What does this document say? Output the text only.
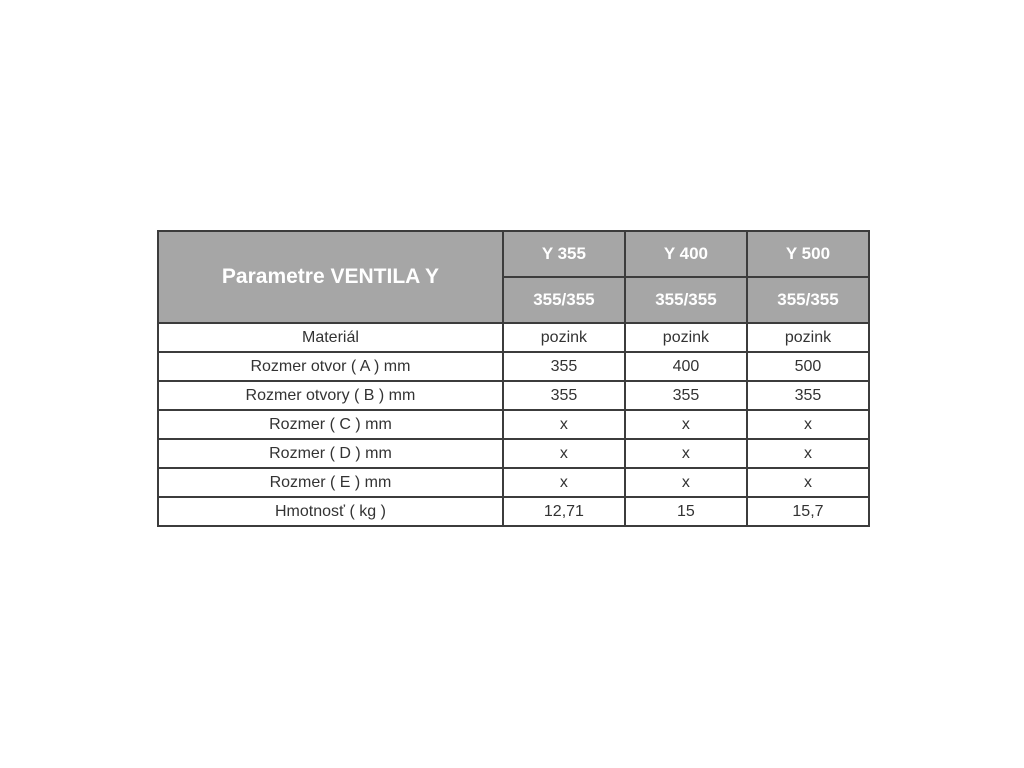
Parametre VENTILA Y	Y 355	Y 400	Y 500
	355/355	355/355	355/355
Materiál	pozink	pozink	pozink
Rozmer otvor ( A ) mm	355	400	500
Rozmer otvory ( B ) mm	355	355	355
Rozmer ( C ) mm	x	x	x
Rozmer ( D ) mm	x	x	x
Rozmer ( E ) mm	x	x	x
Hmotnosť ( kg )	12,71	15	15,7
